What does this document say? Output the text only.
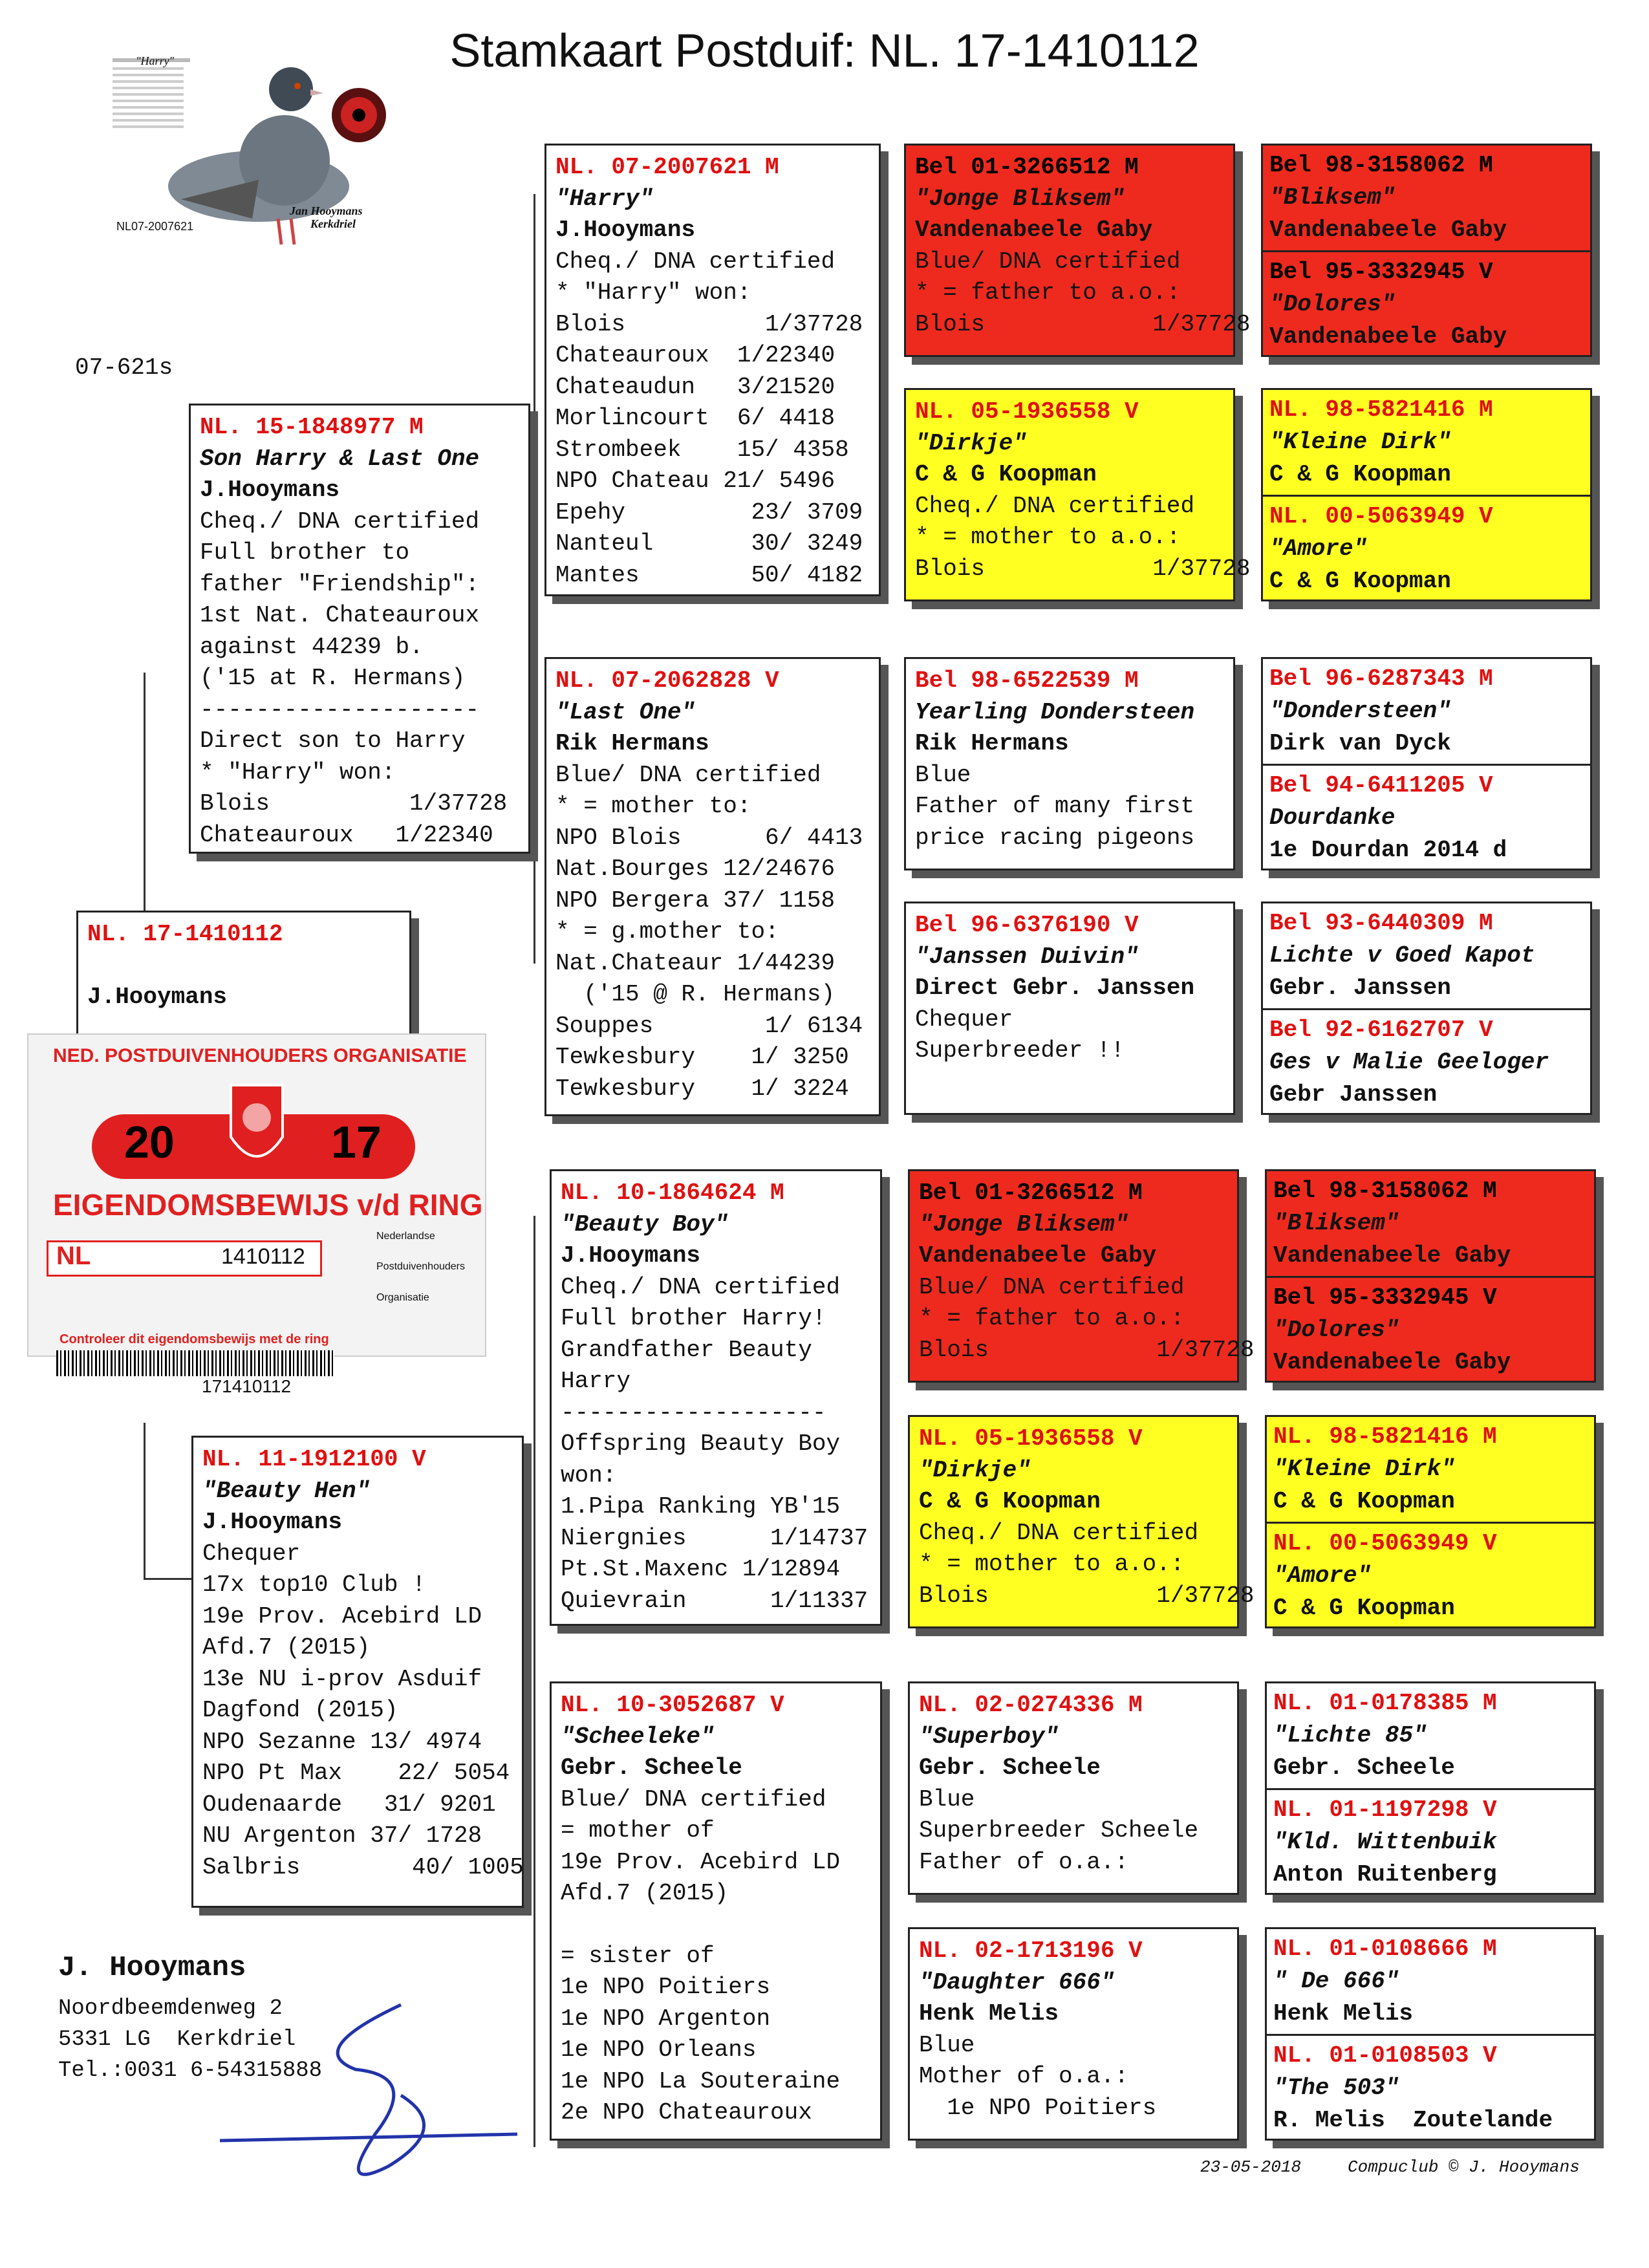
Stamkaart Postduif: NL. 17-1410112
"Harry"
NL07-2007621
Jan Hooymans
Kerkdriel
07-621s
NL. 17-1410112
J.Hooymans
NED. POSTDUIVENHOUDERS ORGANISATIE
20	17
EIGENDOMSBEWIJS v/d RING
NL	1410112
Nederlandse
Postduivenhouders
Organisatie
Controleer dit eigendomsbewijs met de ring
171410112
NL. 15-1848977 M
Son Harry & Last One
J.Hooymans
Cheq./ DNA certified
Full brother to
father "Friendship":
1st Nat. Chateauroux
against 44239 b.
('15 at R. Hermans)
--------------------
Direct son to Harry
* "Harry" won:
Blois          1/37728
Chateauroux   1/22340
NL. 11-1912100 V
"Beauty Hen"
J.Hooymans
Chequer
17x top10 Club !
19e Prov. Acebird LD
Afd.7 (2015)
13e NU i-prov Asduif
Dagfond (2015)
NPO Sezanne 13/ 4974
NPO Pt Max    22/ 5054
Oudenaarde   31/ 9201
NU Argenton 37/ 1728
Salbris        40/ 1005
NL. 07-2007621 M
"Harry"
J.Hooymans
Cheq./ DNA certified
* "Harry" won:
Blois          1/37728
Chateauroux  1/22340
Chateaudun   3/21520
Morlincourt  6/ 4418
Strombeek    15/ 4358
NPO Chateau 21/ 5496
Epehy         23/ 3709
Nanteul       30/ 3249
Mantes        50/ 4182
NL. 07-2062828 V
"Last One"
Rik Hermans
Blue/ DNA certified
* = mother to:
NPO Blois      6/ 4413
Nat.Bourges 12/24676
NPO Bergera 37/ 1158
* = g.mother to:
Nat.Chateaur 1/44239
('15 @ R. Hermans)
Souppes        1/ 6134
Tewkesbury    1/ 3250
Tewkesbury    1/ 3224
NL. 10-1864624 M
"Beauty Boy"
J.Hooymans
Cheq./ DNA certified
Full brother Harry!
Grandfather Beauty
Harry
-------------------
Offspring Beauty Boy
won:
1.Pipa Ranking YB'15
Niergnies      1/14737
Pt.St.Maxenc 1/12894
Quievrain      1/11337
NL. 10-3052687 V
"Scheeleke"
Gebr. Scheele
Blue/ DNA certified
= mother of
19e Prov. Acebird LD
Afd.7 (2015)
= sister of
1e NPO Poitiers
1e NPO Argenton
1e NPO Orleans
1e NPO La Souteraine
2e NPO Chateauroux
Bel 01-3266512 M
"Jonge Bliksem"
Vandenabeele Gaby
Blue/ DNA certified
* = father to a.o.:
Blois            1/37728
NL. 05-1936558 V
"Dirkje"
C & G Koopman
Cheq./ DNA certified
* = mother to a.o.:
Blois            1/37728
Bel 98-6522539 M
Yearling Dondersteen
Rik Hermans
Blue
Father of many first
price racing pigeons
Bel 96-6376190 V
"Janssen Duivin"
Direct Gebr. Janssen
Chequer
Superbreeder !!
Bel 01-3266512 M
"Jonge Bliksem"
Vandenabeele Gaby
Blue/ DNA certified
* = father to a.o.:
Blois            1/37728
NL. 05-1936558 V
"Dirkje"
C & G Koopman
Cheq./ DNA certified
* = mother to a.o.:
Blois            1/37728
NL. 02-0274336 M
"Superboy"
Gebr. Scheele
Blue
Superbreeder Scheele
Father of o.a.:
NL. 02-1713196 V
"Daughter 666"
Henk Melis
Blue
Mother of o.a.:
1e NPO Poitiers
Bel 98-3158062 M
"Bliksem"
Vandenabeele Gaby
Bel 95-3332945 V
"Dolores"
Vandenabeele Gaby
NL. 98-5821416 M
"Kleine Dirk"
C & G Koopman
NL. 00-5063949 V
"Amore"
C & G Koopman
Bel 96-6287343 M
"Dondersteen"
Dirk van Dyck
Bel 94-6411205 V
Dourdanke
1e Dourdan 2014 d
Bel 93-6440309 M
Lichte v Goed Kapot
Gebr. Janssen
Bel 92-6162707 V
Ges v Malie Geeloger
Gebr Janssen
Bel 98-3158062 M
"Bliksem"
Vandenabeele Gaby
Bel 95-3332945 V
"Dolores"
Vandenabeele Gaby
NL. 98-5821416 M
"Kleine Dirk"
C & G Koopman
NL. 00-5063949 V
"Amore"
C & G Koopman
NL. 01-0178385 M
"Lichte 85"
Gebr. Scheele
NL. 01-1197298 V
"Kld. Wittenbuik
Anton Ruitenberg
NL. 01-0108666 M
" De 666"
Henk Melis
NL. 01-0108503 V
"The 503"
R. Melis  Zoutelande
J. Hooymans
Noordbeemdenweg 2
5331 LG  Kerkdriel
Tel.:0031 6-54315888
23-05-2018	Compuclub © J. Hooymans
